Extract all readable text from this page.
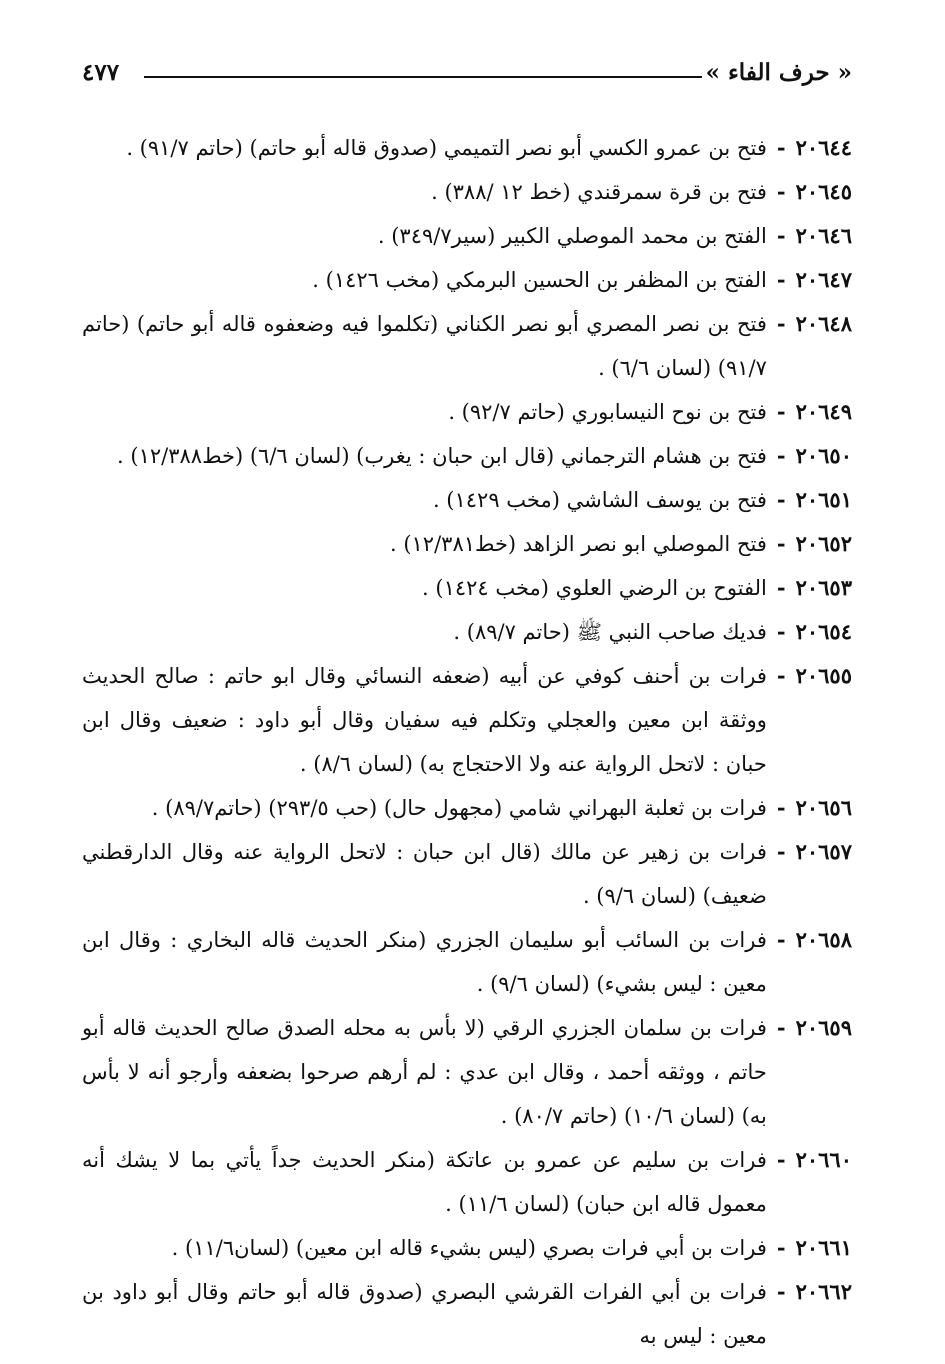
« حرف الفاء »
٤٧٧
٢٠٦٤٤
-
فتح بن عمرو الكسي أبو نصر التميمي (صدوق قاله أبو حاتم) (حاتم ٩١/٧) .
٢٠٦٤٥
-
فتح بن قرة سمرقندي (خط ١٢ /٣٨٨) .
٢٠٦٤٦
-
الفتح بن محمد الموصلي الكبير (سير٣٤٩/٧) .
٢٠٦٤٧
-
الفتح بن المظفر بن الحسين البرمكي (مخب ١٤٢٦) .
٢٠٦٤٨
-
فتح بن نصر المصري أبو نصر الكناني (تكلموا فيه وضعفوه قاله أبو حاتم) (حاتم ٩١/٧) (لسان ٦/٦) .
٢٠٦٤٩
-
فتح بن نوح النيسابوري (حاتم ٩٢/٧) .
٢٠٦٥٠
-
فتح بن هشام الترجماني (قال ابن حبان : يغرب) (لسان ٦/٦) (خط١٢/٣٨٨) .
٢٠٦٥١
-
فتح بن يوسف الشاشي (مخب ١٤٢٩) .
٢٠٦٥٢
-
فتح الموصلي ابو نصر الزاهد (خط١٢/٣٨١) .
٢٠٦٥٣
-
الفتوح بن الرضي العلوي (مخب ١٤٢٤) .
٢٠٦٥٤
-
فديك صاحب النبي ﷺ (حاتم ٨٩/٧) .
٢٠٦٥٥
-
فرات بن أحنف كوفي عن أبيه (ضعفه النسائي وقال ابو حاتم : صالح الحديث ووثقة ابن معين والعجلي وتكلم فيه سفيان وقال أبو داود : ضعيف وقال ابن حبان : لاتحل الرواية عنه ولا الاحتجاج به) (لسان ٨/٦) .
٢٠٦٥٦
-
فرات بن ثعلبة البهراني شامي (مجهول حال) (حب ٢٩٣/٥) (حاتم٨٩/٧) .
٢٠٦٥٧
-
فرات بن زهير عن مالك (قال ابن حبان : لاتحل الرواية عنه وقال الدارقطني ضعيف) (لسان ٩/٦) .
٢٠٦٥٨
-
فرات بن السائب أبو سليمان الجزري (منكر الحديث قاله البخاري : وقال ابن معين : ليس بشيء) (لسان ٩/٦) .
٢٠٦٥٩
-
فرات بن سلمان الجزري الرقي (لا بأس به محله الصدق صالح الحديث قاله أبو حاتم ، ووثقه أحمد ، وقال ابن عدي : لم أرهم صرحوا بضعفه وأرجو أنه لا بأس به) (لسان ١٠/٦) (حاتم ٨٠/٧) .
٢٠٦٦٠
-
فرات بن سليم عن عمرو بن عاتكة (منكر الحديث جداً يأتي بما لا يشك أنه معمول قاله ابن حبان) (لسان ١١/٦) .
٢٠٦٦١
-
فرات بن أبي فرات بصري (ليس بشيء قاله ابن معين) (لسان١١/٦) .
٢٠٦٦٢
-
فرات بن أبي الفرات القرشي البصري (صدوق قاله أبو حاتم وقال أبو داود بن معين : ليس به
